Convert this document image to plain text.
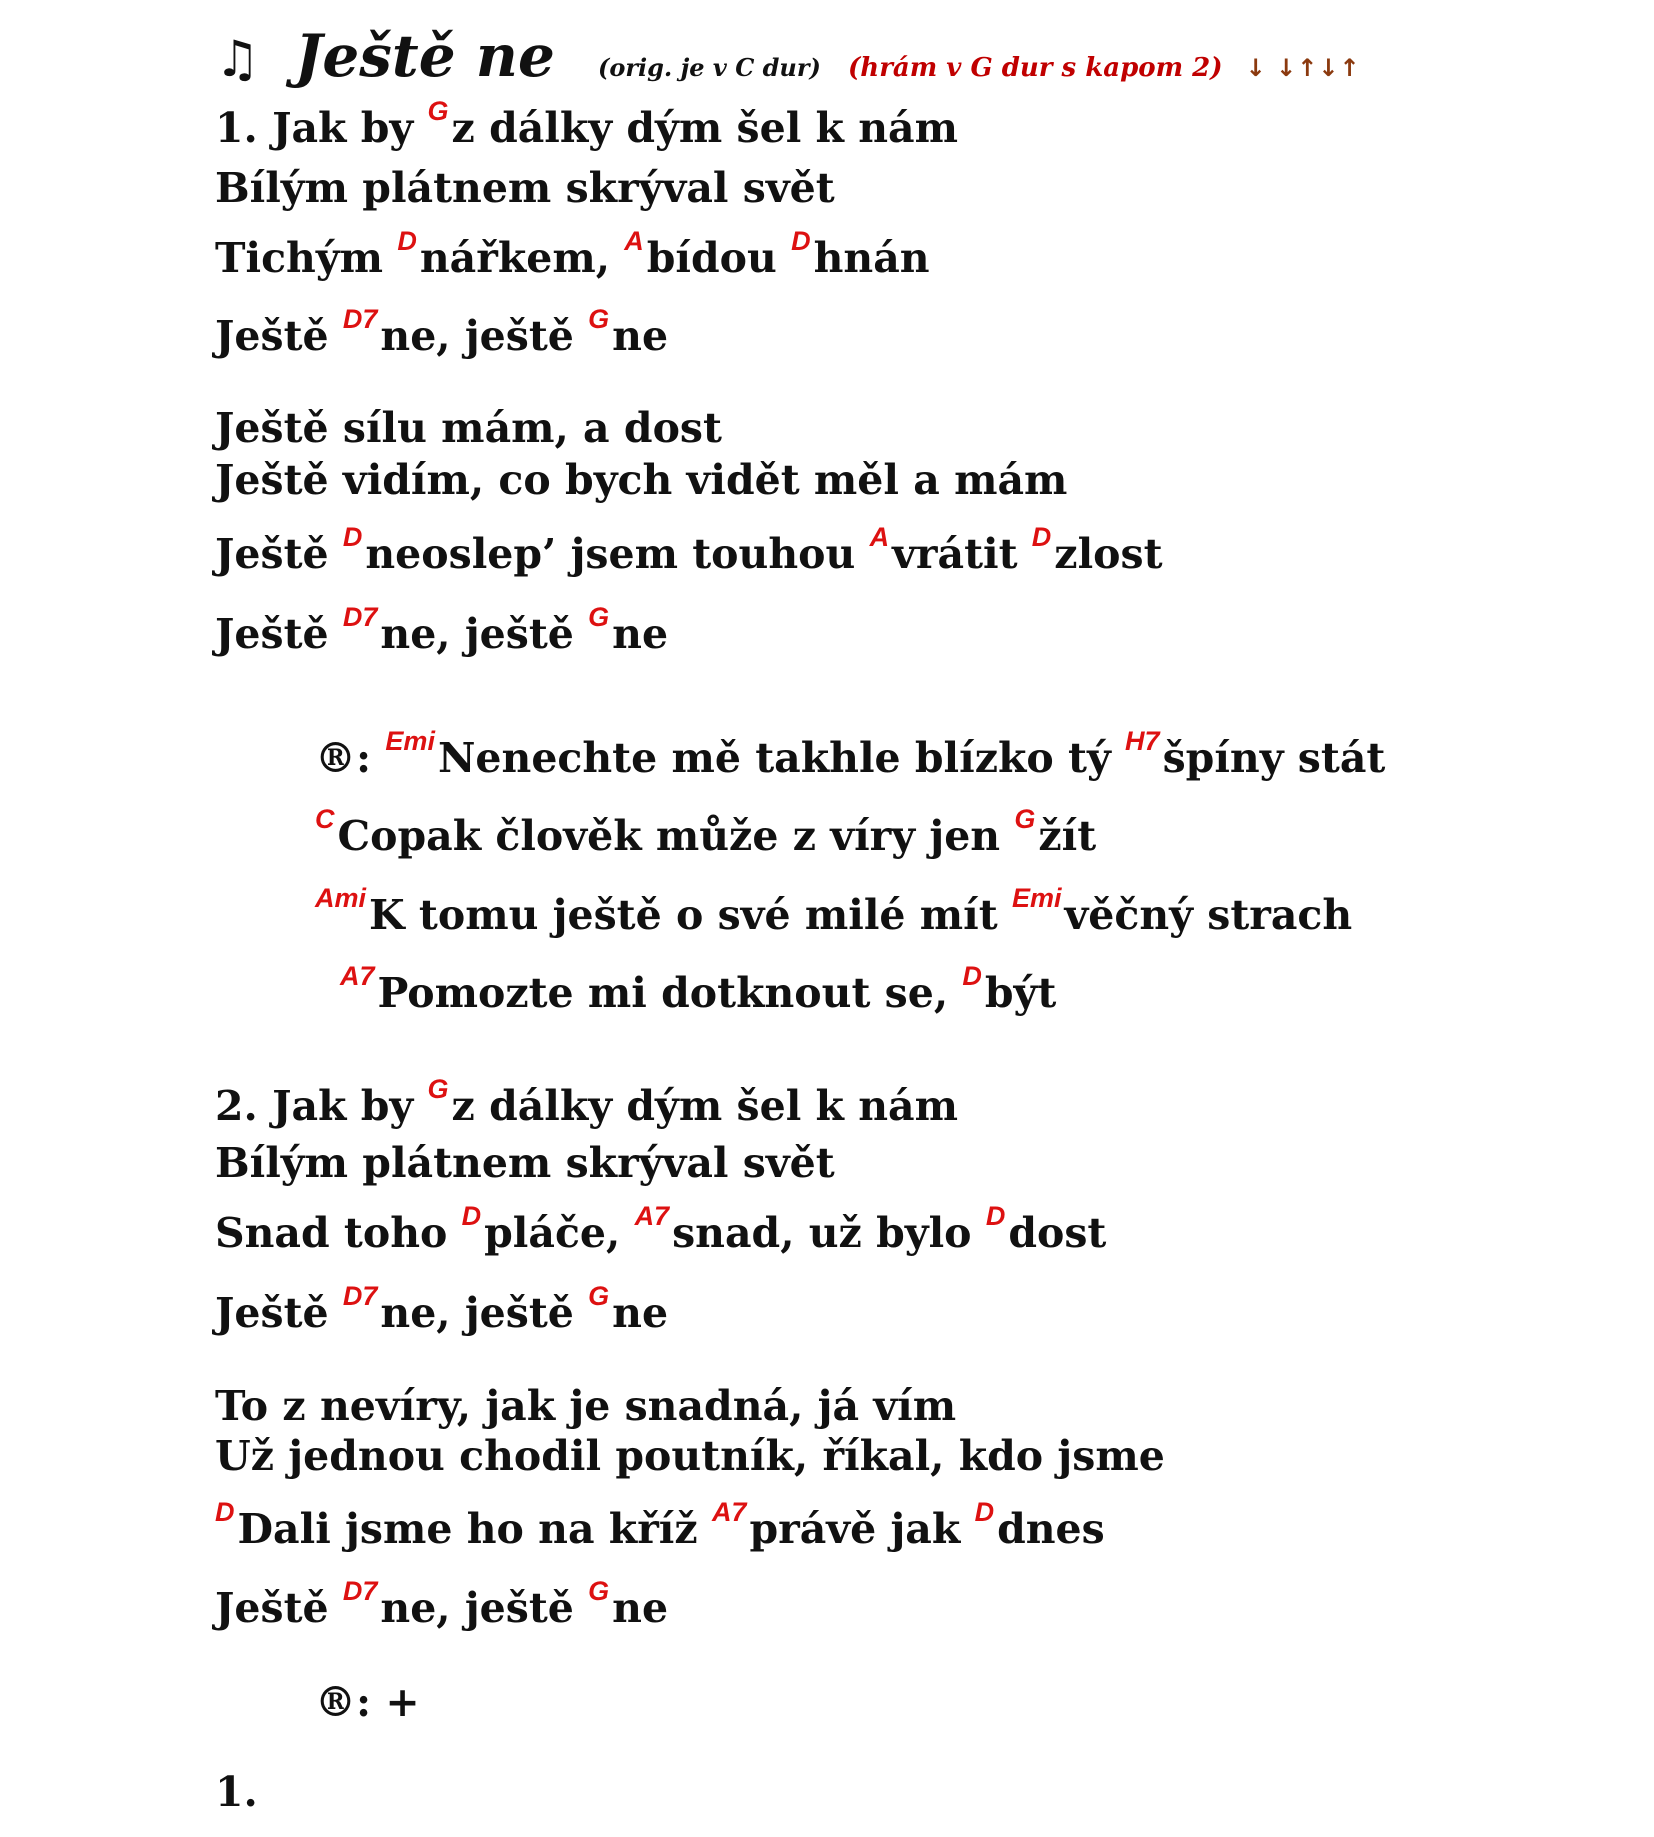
♫ Ještě ne (orig. je v C dur) (hrám v G dur s kapom 2) ↓ ↓↑↓↑
1. Jak by Gz dálky dým šel k nám
Bílým plátnem skrýval svět
Tichým Dnářkem, Abídou Dhnán
Ještě D7ne, ještě Gne
Ještě sílu mám, a dost
Ještě vidím, co bych vidět měl a mám
Ještě Dneoslep’ jsem touhou Avrátit Dzlost
Ještě D7ne, ještě Gne
®: EmiNenechte mě takhle blízko tý H7špíny stát
CCopak člověk může z víry jen Gžít
AmiK tomu ještě o své milé mít Emivěčný strach
A7Pomozte mi dotknout se, Dbýt
2. Jak by Gz dálky dým šel k nám
Bílým plátnem skrýval svět
Snad toho Dpláče, A7snad, už bylo Ddost
Ještě D7ne, ještě Gne
To z nevíry, jak je snadná, já vím
Už jednou chodil poutník, říkal, kdo jsme
DDali jsme ho na kříž A7právě jak Ddnes
Ještě D7ne, ještě Gne
®: +
1.
